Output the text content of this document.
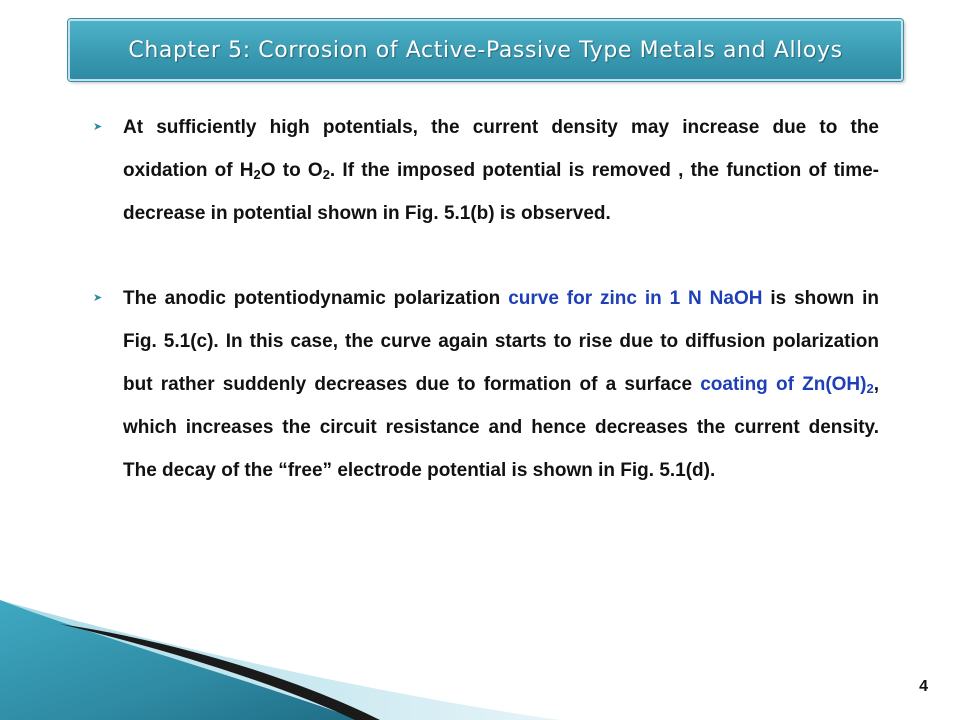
Chapter 5: Corrosion of Active-Passive Type Metals and Alloys
➤	At sufficiently high potentials, the current density may increase due to the oxidation of $H_2O$ to $O_2$. If the imposed potential is removed , the function of time- decrease in potential shown in Fig. 5.1(b) is observed.

➤	The anodic potentiodynamic polarization curve for zinc in 1 N NaOH is shown in Fig. 5.1(c). In this case, the curve again starts to rise due to diffusion polarization but rather suddenly decreases due to formation of a surface coating of $Zn(OH)_2$, which increases the circuit resistance and hence decreases the current density. The decay of the “free” electrode potential is shown in Fig. 5.1(d).

4
